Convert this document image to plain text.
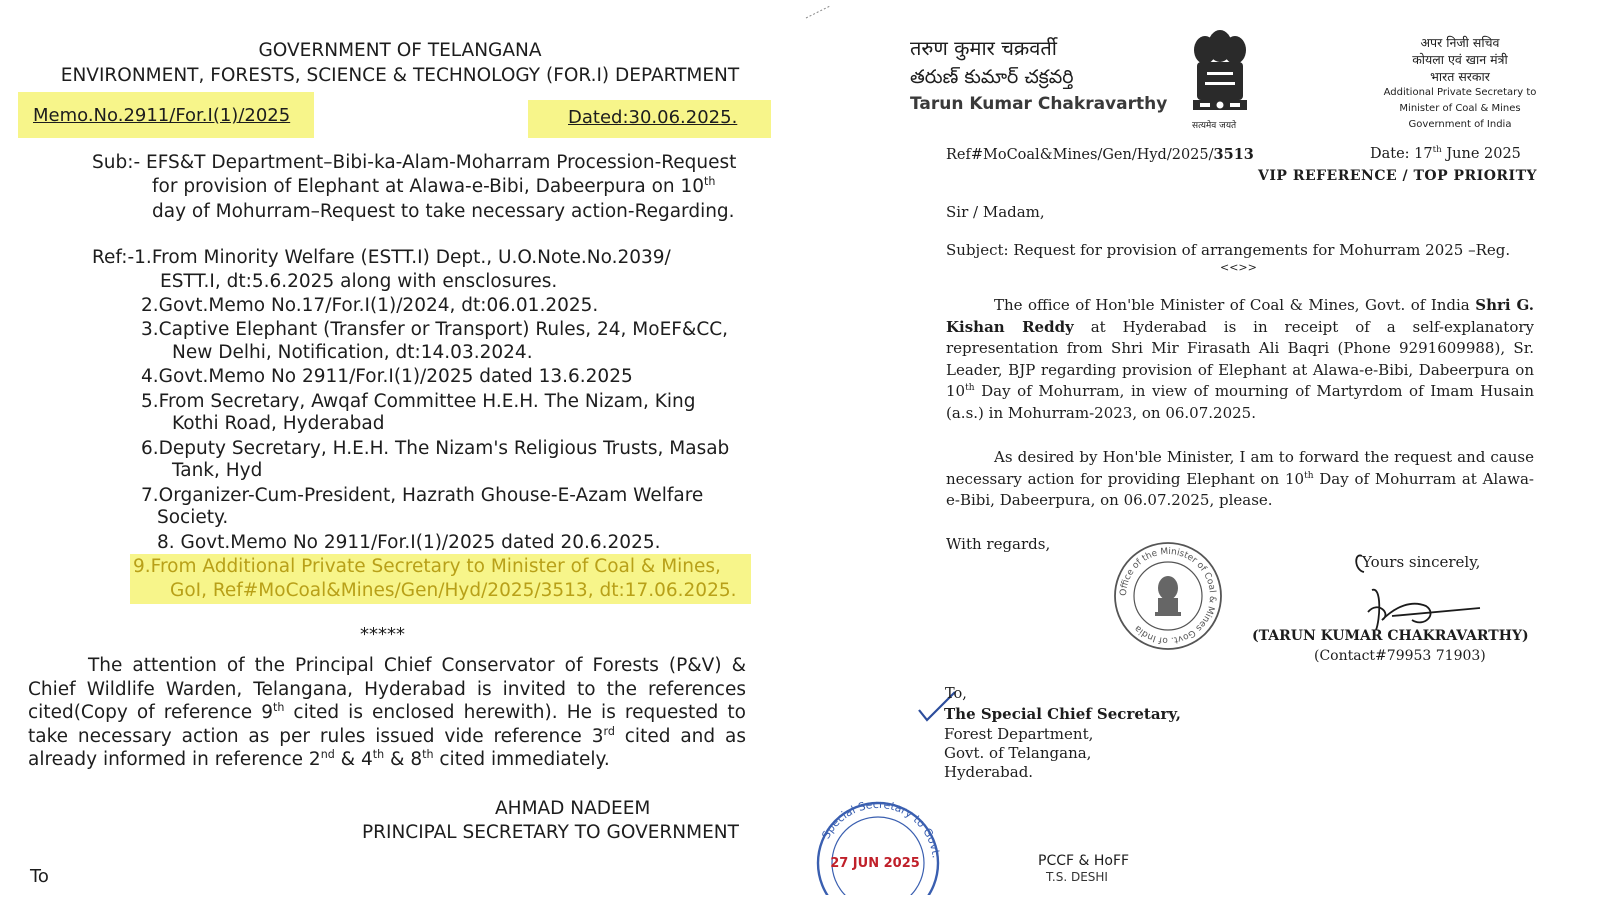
GOVERNMENT OF TELANGANA
ENVIRONMENT, FORESTS, SCIENCE & TECHNOLOGY (FOR.I) DEPARTMENT
Memo.No.2911/For.I(1)/2025	Dated:30.06.2025.
Sub:- EFS&T Department–Bibi-ka-Alam-Moharram Procession-Request
for provision of Elephant at Alawa-e-Bibi, Dabeerpura on 10th
day of Mohurram–Request to take necessary action-Regarding.
Ref:-1.From Minority Welfare (ESTT.I) Dept., U.O.Note.No.2039/
ESTT.I, dt:5.6.2025 along with ensclosures.
2.Govt.Memo No.17/For.I(1)/2024, dt:06.01.2025.
3.Captive Elephant (Transfer or Transport) Rules, 24, MoEF&CC,
New Delhi, Notification, dt:14.03.2024.
4.Govt.Memo No 2911/For.I(1)/2025 dated 13.6.2025
5.From Secretary, Awqaf Committee H.E.H. The Nizam, King
Kothi Road, Hyderabad
6.Deputy Secretary, H.E.H. The Nizam's Religious Trusts, Masab
Tank, Hyd
7.Organizer-Cum-President, Hazrath Ghouse-E-Azam Welfare
Society.
8. Govt.Memo No 2911/For.I(1)/2025 dated 20.6.2025.
9.From Additional Private Secretary to Minister of Coal & Mines,
GoI, Ref#MoCoal&Mines/Gen/Hyd/2025/3513, dt:17.06.2025.
*****
The attention of the Principal Chief Conservator of Forests (P&V) & Chief Wildlife Warden, Telangana, Hyderabad is invited to the references cited(Copy of reference 9th cited is enclosed herewith). He is requested to take necessary action as per rules issued vide reference 3rd cited and as already informed in reference 2nd & 4th & 8th cited immediately.
AHMAD NADEEM
PRINCIPAL SECRETARY TO GOVERNMENT
To
तरुण कुमार चक्रवर्ती
తరుణ్ కుమార్ చక్రవర్తి
Tarun Kumar Chakravarthy
सत्यमेव जयते
अपर निजी सचिव
कोयला एवं खान मंत्री
भारत सरकार
Additional Private Secretary to
Minister of Coal & Mines
Government of India
Ref#MoCoal&Mines/Gen/Hyd/2025/3513	Date: 17th June 2025
VIP REFERENCE / TOP PRIORITY
Sir / Madam,
Subject: Request for provision of arrangements for Mohurram 2025 –Reg.
<<>>
The office of Hon'ble Minister of Coal & Mines, Govt. of India Shri G. Kishan Reddy at Hyderabad is in receipt of a self-explanatory representation from Shri Mir Firasath Ali Baqri (Phone 9291609988), Sr. Leader, BJP regarding provision of Elephant at Alawa-e-Bibi, Dabeerpura on 10th Day of Mohurram, in view of mourning of Martyrdom of Imam Husain (a.s.) in Mohurram-2023, on 06.07.2025.
As desired by Hon'ble Minister, I am to forward the request and cause necessary action for providing Elephant on 10th Day of Mohurram at Alawa-e-Bibi, Dabeerpura, on 06.07.2025, please.
With regards,
Office of the Minister of Coal & Mines Govt. of India
Yours sincerely,
(TARUN KUMAR CHAKRAVARTHY)
(Contact#79953 71903)
To,
The Special Chief Secretary,
Forest Department,
Govt. of Telangana,
Hyderabad.
Special Secretary to Govt.
27 JUN 2025	PCCF & HoFF
T.S. DESHI
